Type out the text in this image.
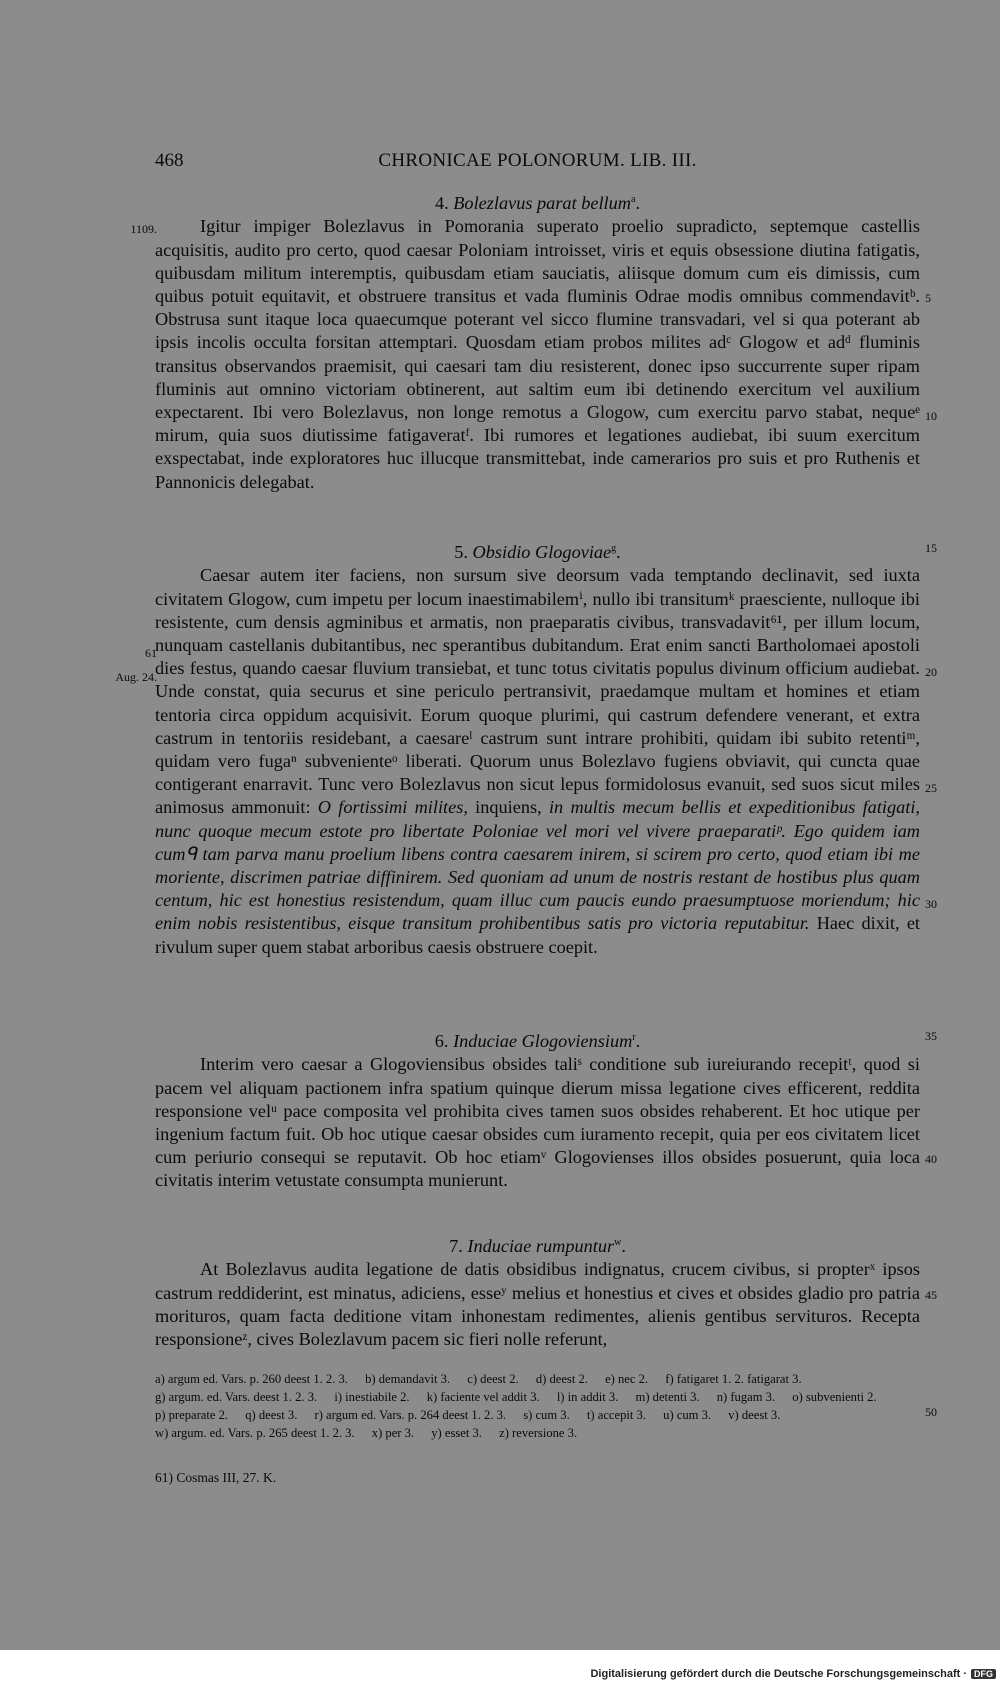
468	CHRONICAE POLONORUM. LIB. III.
1109.
61
Aug. 24.
5
10
15
20
25
30
35
40
45
50
4. Bolezlavus parat bellum$^a$.

Igitur impiger Bolezlavus in Pomorania superato proelio supradicto, septemque castellis acquisitis, audito pro certo, quod caesar Poloniam introisset, viris et equis obsessione diutina fatigatis, quibusdam militum interemptis, quibusdam etiam sauciatis, aliisque domum cum eis dimissis, cum quibus potuit equitavit, et obstruere transitus et vada fluminis Odrae modis omnibus commendavitᵇ. Obstrusa sunt itaque loca quaecumque poterant vel sicco flumine transvadari, vel si qua poterant ab ipsis incolis occulta forsitan attemptari. Quosdam etiam probos milites adᶜ Glogow et adᵈ fluminis transitus observandos praemisit, qui caesari tam diu resisterent, donec ipso succurrente super ripam fluminis aut omnino victoriam obtinerent, aut saltim eum ibi detinendo exercitum vel auxilium expectarent. Ibi vero Bolezlavus, non longe remotus a Glogow, cum exercitu parvo stabat, nequeᵉ mirum, quia suos diutissime fatigaveratᶠ. Ibi rumores et legationes audiebat, ibi suum exercitum exspectabat, inde exploratores huc illucque transmittebat, inde camerarios pro suis et pro Ruthenis et Pannonicis delegabat.

5. Obsidio Glogoviae$^g$.

Caesar autem iter faciens, non sursum sive deorsum vada temptando declinavit, sed iuxta civitatem Glogow, cum impetu per locum inaestimabilemⁱ, nullo ibi transitumᵏ praesciente, nulloque ibi resistente, cum densis agminibus et armatis, non praeparatis civibus, transvadavit⁶¹, per illum locum, nunquam castellanis dubitantibus, nec sperantibus dubitandum. Erat enim sancti Bartholomaei apostoli dies festus, quando caesar fluvium transiebat, et tunc totus civitatis populus divinum officium audiebat. Unde constat, quia securus et sine periculo pertransivit, praedamque multam et homines et etiam tentoria circa oppidum acquisivit. Eorum quoque plurimi, qui castrum defendere venerant, et extra castrum in tentoriis residebant, a caesareˡ castrum sunt intrare prohibiti, quidam ibi subito retentiᵐ, quidam vero fugaⁿ subvenienteᵒ liberati. Quorum unus Bolezlavo fugiens obviavit, qui cuncta quae contigerant enarravit. Tunc vero Bolezlavus non sicut lepus formidolosus evanuit, sed suos sicut miles animosus ammonuit: O fortissimi milites, inquiens, in multis mecum bellis et expeditionibus fatigati, nunc quoque mecum estote pro libertate Poloniae vel mori vel vivere praeparatiᵖ. Ego quidem iam cumᑫ tam parva manu proelium libens contra caesarem inirem, si scirem pro certo, quod etiam ibi me moriente, discrimen patriae diffinirem. Sed quoniam ad unum de nostris restant de hostibus plus quam centum, hic est honestius resistendum, quam illuc cum paucis eundo praesumptuose moriendum; hic enim nobis resistentibus, eisque transitum prohibentibus satis pro victoria reputabitur. Haec dixit, et rivulum super quem stabat arboribus caesis obstruere coepit.

6. Induciae Glogoviensium$^r$.

Interim vero caesar a Glogoviensibus obsides taliˢ conditione sub iureiurando recepitᵗ, quod si pacem vel aliquam pactionem infra spatium quinque dierum missa legatione cives efficerent, reddita responsione velᵘ pace composita vel prohibita cives tamen suos obsides rehaberent. Et hoc utique per ingenium factum fuit. Ob hoc utique caesar obsides cum iuramento recepit, quia per eos civitatem licet cum periurio consequi se reputavit. Ob hoc etiamᵛ Glogovienses illos obsides posuerunt, quia loca civitatis interim vetustate consumpta munierunt.

7. Induciae rumpuntur$^w$.

At Bolezlavus audita legatione de datis obsidibus indignatus, crucem civibus, si propterˣ ipsos castrum reddiderint, est minatus, adiciens, esseʸ melius et honestius et cives et obsides gladio pro patria morituros, quam facta deditione vitam inhonestam redimentes, alienis gentibus servituros. Recepta responsioneᶻ, cives Bolezlavum pacem sic fieri nolle referunt,

a) argum ed. Vars. p. 260 deest 1. 2. 3. b) demandavit 3. c) deest 2. d) deest 2. e) nec 2. f) fatigaret 1. 2. fatigarat 3. g) argum. ed. Vars. deest 1. 2. 3. i) inestiabile 2. k) faciente vel addit 3. l) in addit 3. m) detenti 3. n) fugam 3. o) subvenienti 2. p) preparate 2. q) deest 3. r) argum ed. Vars. p. 264 deest 1. 2. 3. s) cum 3. t) accepit 3. u) cum 3. v) deest 3. w) argum. ed. Vars. p. 265 deest 1. 2. 3. x) per 3. y) esset 3. z) reversione 3.
61) Cosmas III, 27. K.
Digitalisierung gefördert durch die Deutsche Forschungsgemeinschaft · DFG
